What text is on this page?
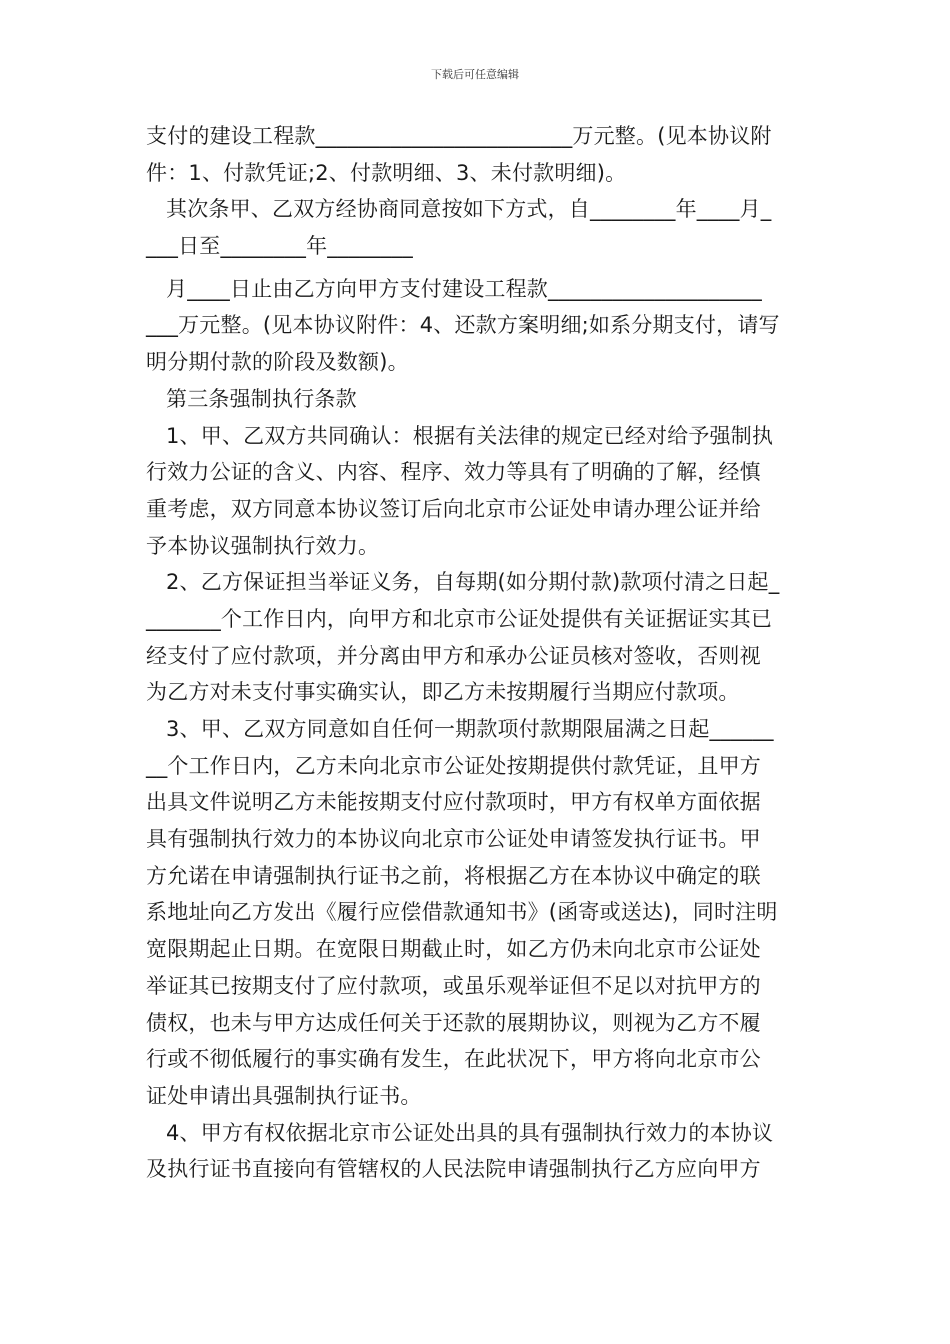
下载后可任意编辑
支付的建设工程款________________________万元整。(见本协议附
件：1、付款凭证;2、付款明细、3、未付款明细)。
其次条甲、乙双方经协商同意按如下方式，自________年____月_
___日至________年________
月____日止由乙方向甲方支付建设工程款____________________
___万元整。(见本协议附件：4、还款方案明细;如系分期支付，请写
明分期付款的阶段及数额)。
第三条强制执行条款
1、甲、乙双方共同确认：根据有关法律的规定已经对给予强制执
行效力公证的含义、内容、程序、效力等具有了明确的了解，经慎
重考虑，双方同意本协议签订后向北京市公证处申请办理公证并给
予本协议强制执行效力。
2、乙方保证担当举证义务，自每期(如分期付款)款项付清之日起_
_______个工作日内，向甲方和北京市公证处提供有关证据证实其已
经支付了应付款项，并分离由甲方和承办公证员核对签收，否则视
为乙方对未支付事实确实认，即乙方未按期履行当期应付款项。
3、甲、乙双方同意如自任何一期款项付款期限届满之日起______
__个工作日内，乙方未向北京市公证处按期提供付款凭证，且甲方
出具文件说明乙方未能按期支付应付款项时，甲方有权单方面依据
具有强制执行效力的本协议向北京市公证处申请签发执行证书。甲
方允诺在申请强制执行证书之前，将根据乙方在本协议中确定的联
系地址向乙方发出《履行应偿借款通知书》(函寄或送达)，同时注明
宽限期起止日期。在宽限日期截止时，如乙方仍未向北京市公证处
举证其已按期支付了应付款项，或虽乐观举证但不足以对抗甲方的
债权，也未与甲方达成任何关于还款的展期协议，则视为乙方不履
行或不彻低履行的事实确有发生，在此状况下，甲方将向北京市公
证处申请出具强制执行证书。
4、甲方有权依据北京市公证处出具的具有强制执行效力的本协议
及执行证书直接向有管辖权的人民法院申请强制执行乙方应向甲方
